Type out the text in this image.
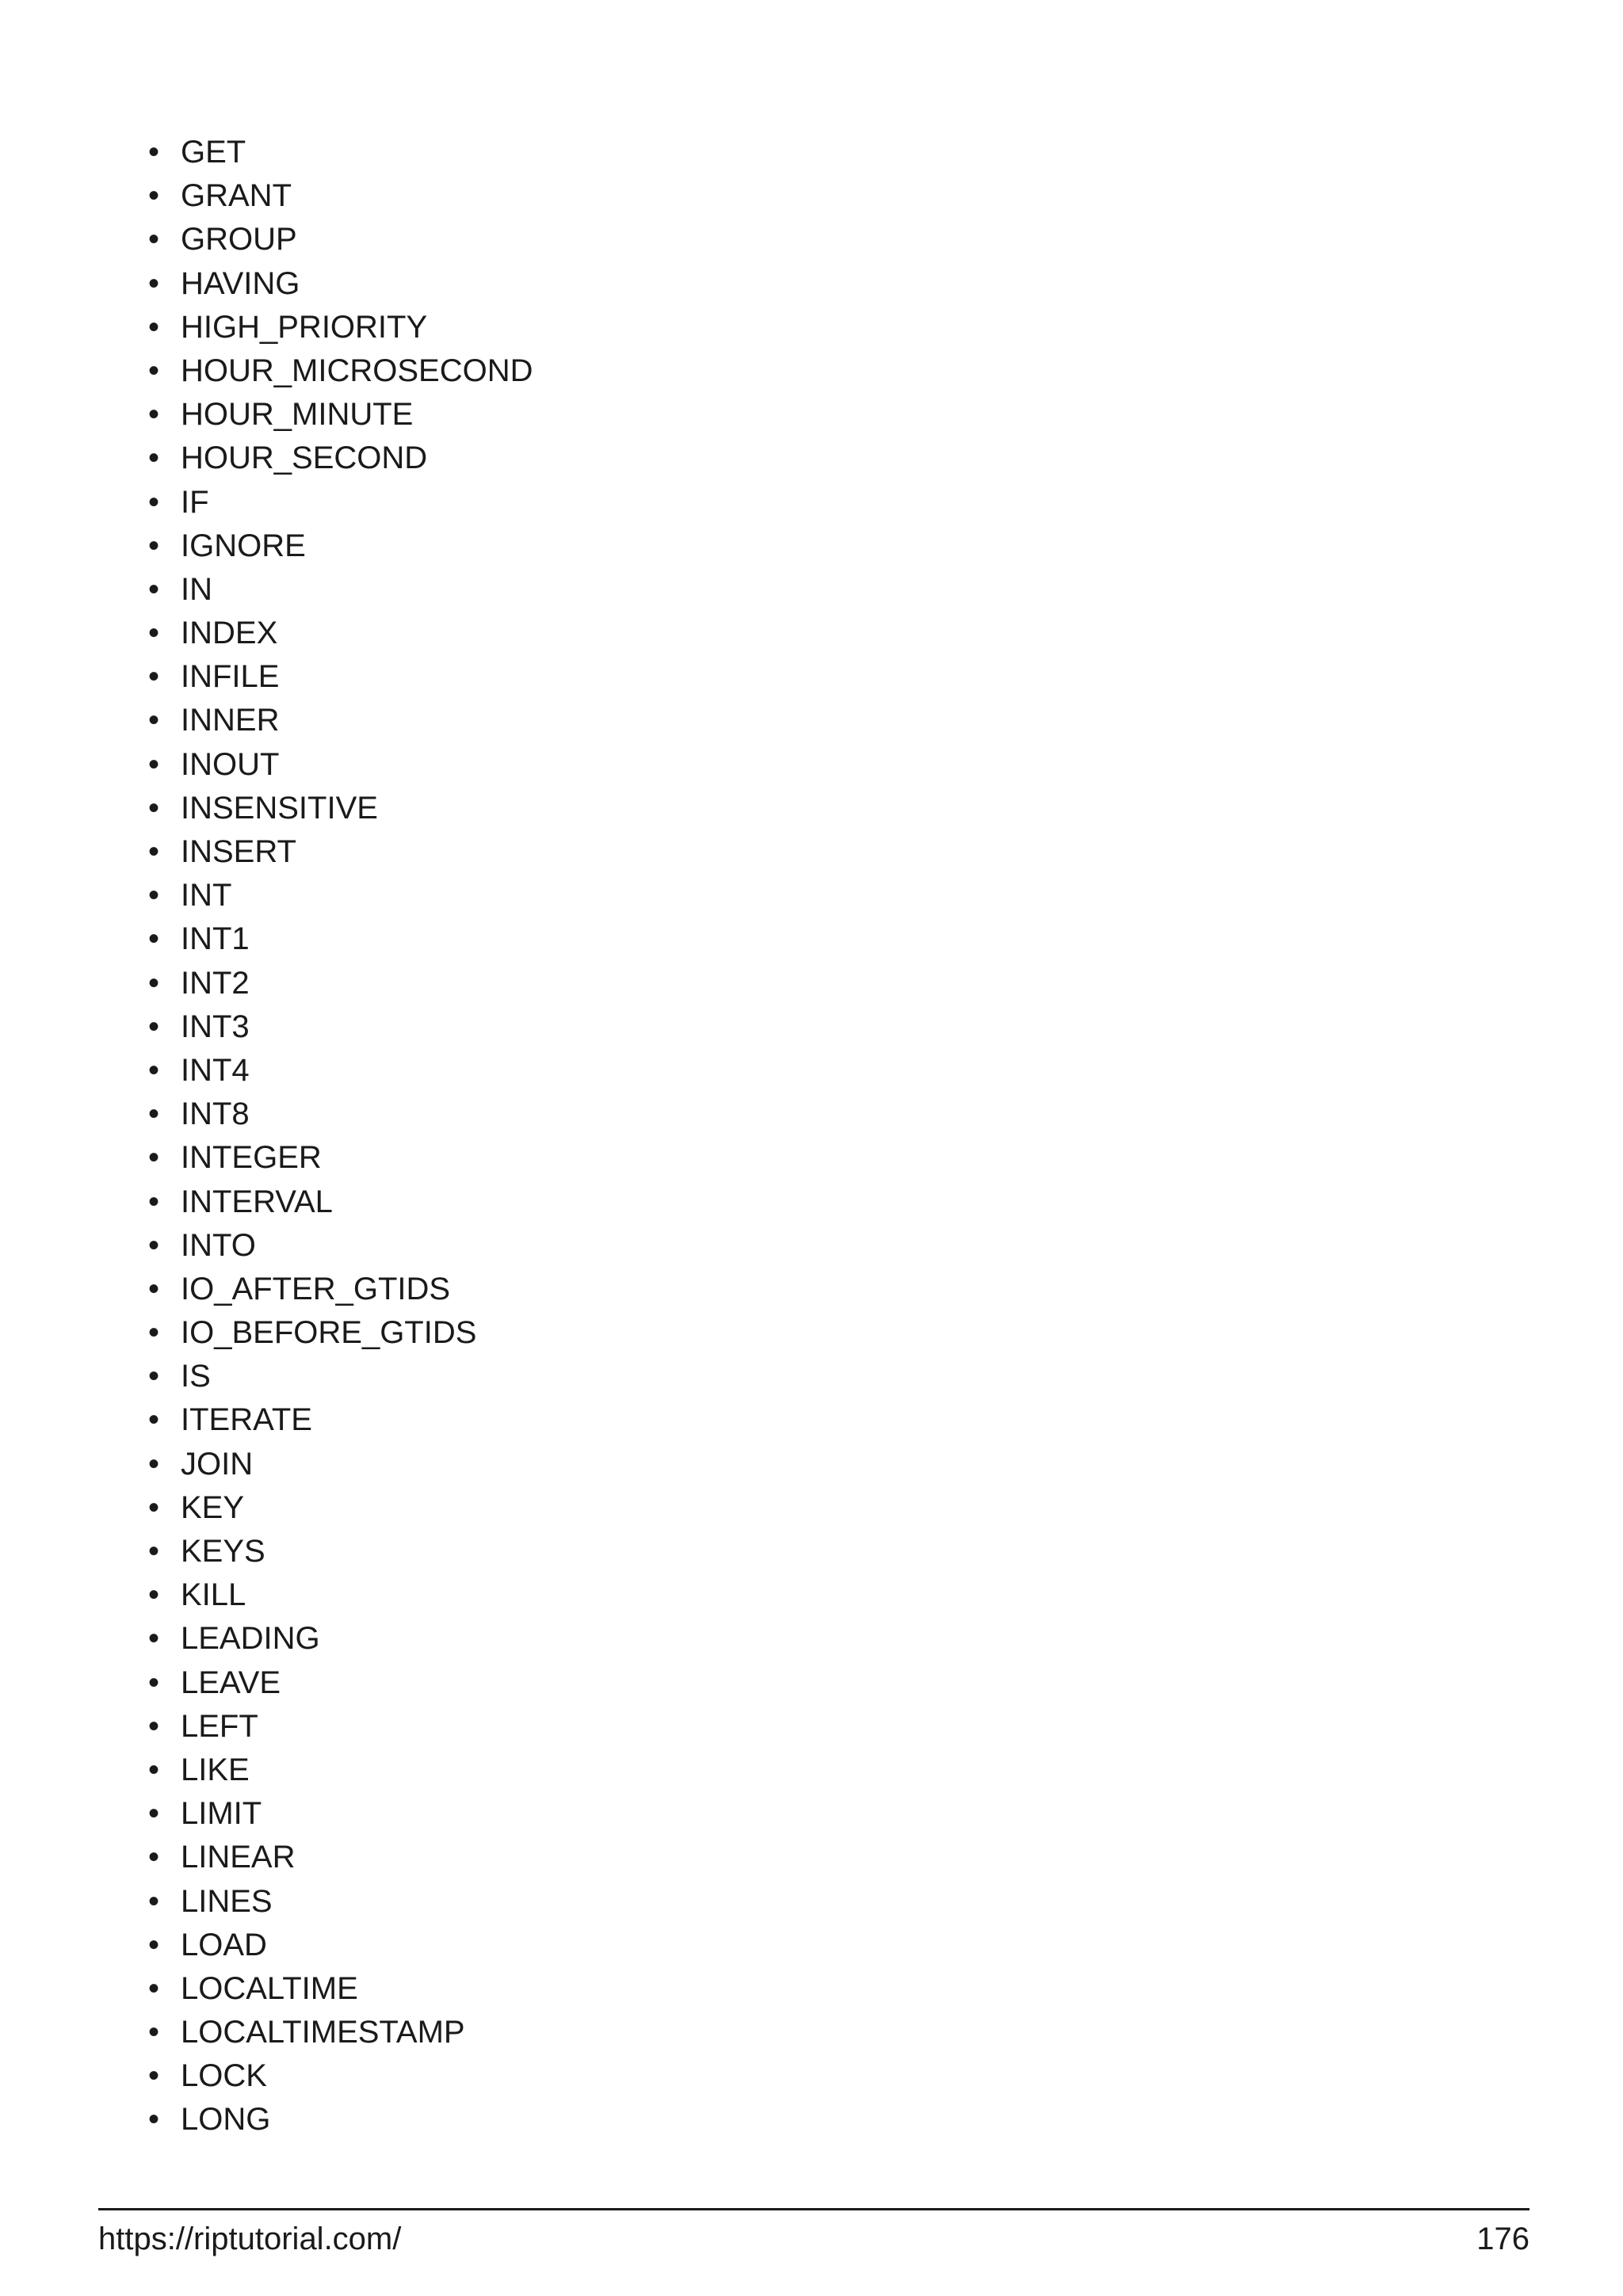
• GET
• GRANT
• GROUP
• HAVING
• HIGH_PRIORITY
• HOUR_MICROSECOND
• HOUR_MINUTE
• HOUR_SECOND
• IF
• IGNORE
• IN
• INDEX
• INFILE
• INNER
• INOUT
• INSENSITIVE
• INSERT
• INT
• INT1
• INT2
• INT3
• INT4
• INT8
• INTEGER
• INTERVAL
• INTO
• IO_AFTER_GTIDS
• IO_BEFORE_GTIDS
• IS
• ITERATE
• JOIN
• KEY
• KEYS
• KILL
• LEADING
• LEAVE
• LEFT
• LIKE
• LIMIT
• LINEAR
• LINES
• LOAD
• LOCALTIME
• LOCALTIMESTAMP
• LOCK
• LONG
https://riptutorial.com/	176
